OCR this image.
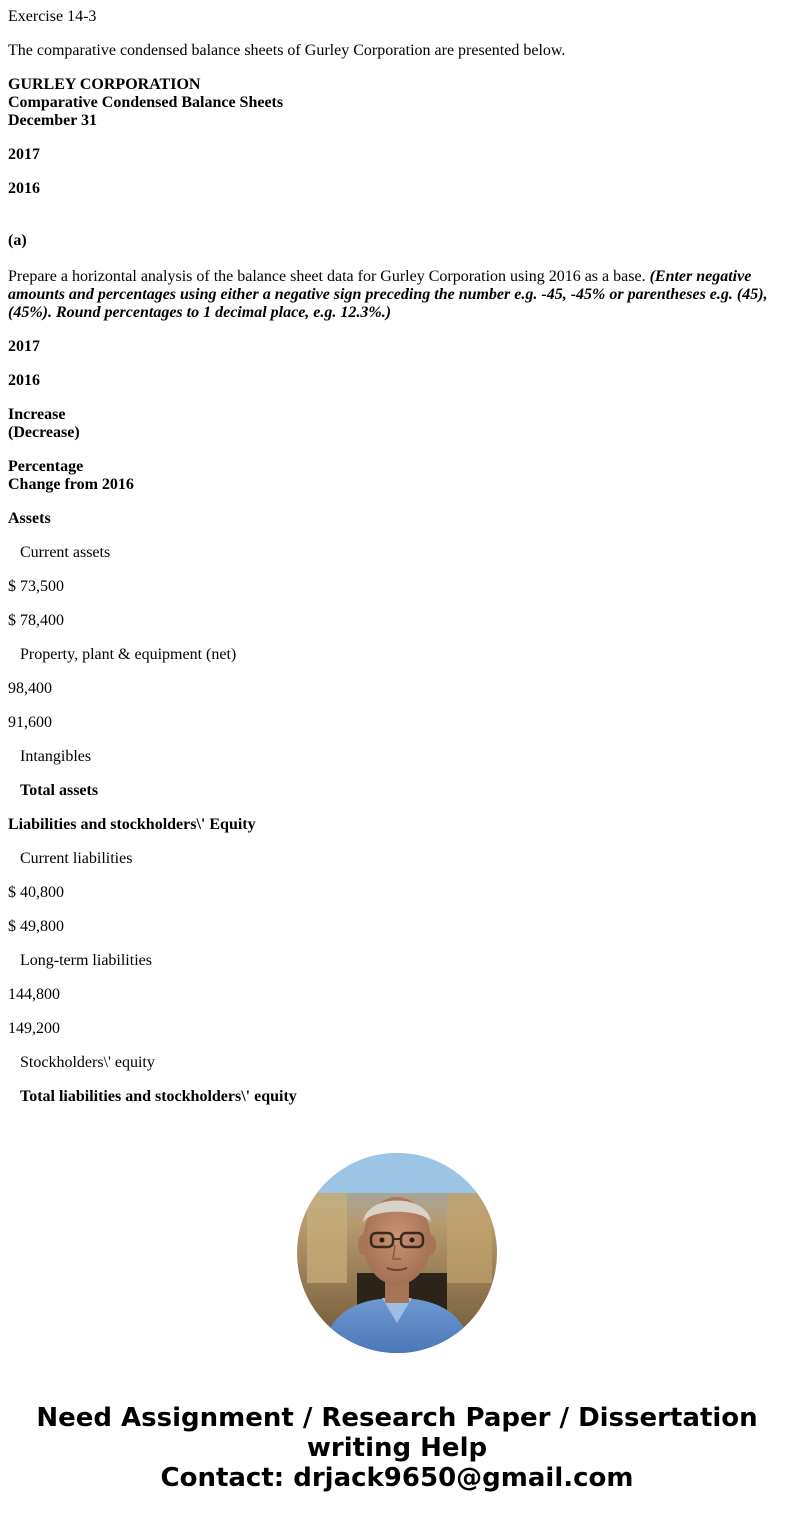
Exercise 14-3

The comparative condensed balance sheets of Gurley Corporation are presented below.

GURLEY CORPORATION

Comparative Condensed Balance Sheets

December 31

2017

2016

(a)

Prepare a horizontal analysis of the balance sheet data for Gurley Corporation using 2016 as a base. (Enter negative amounts and percentages using either a negative sign preceding the number e.g. -45, -45% or parentheses e.g. (45), (45%). Round percentages to 1 decimal place, e.g. 12.3%.)

2017

2016

Increase

(Decrease)

Percentage

Change from 2016

Assets

Current assets

$ 73,500

$ 78,400

Property, plant & equipment (net)

98,400

91,600

Intangibles

Total assets

Liabilities and stockholders\' Equity

Current liabilities

$ 40,800

$ 49,800

Long-term liabilities

144,800

149,200

Stockholders\' equity

Total liabilities and stockholders\' equity

Need Assignment / Research Paper / Dissertation
writing Help
Contact: drjack9650@gmail.com
